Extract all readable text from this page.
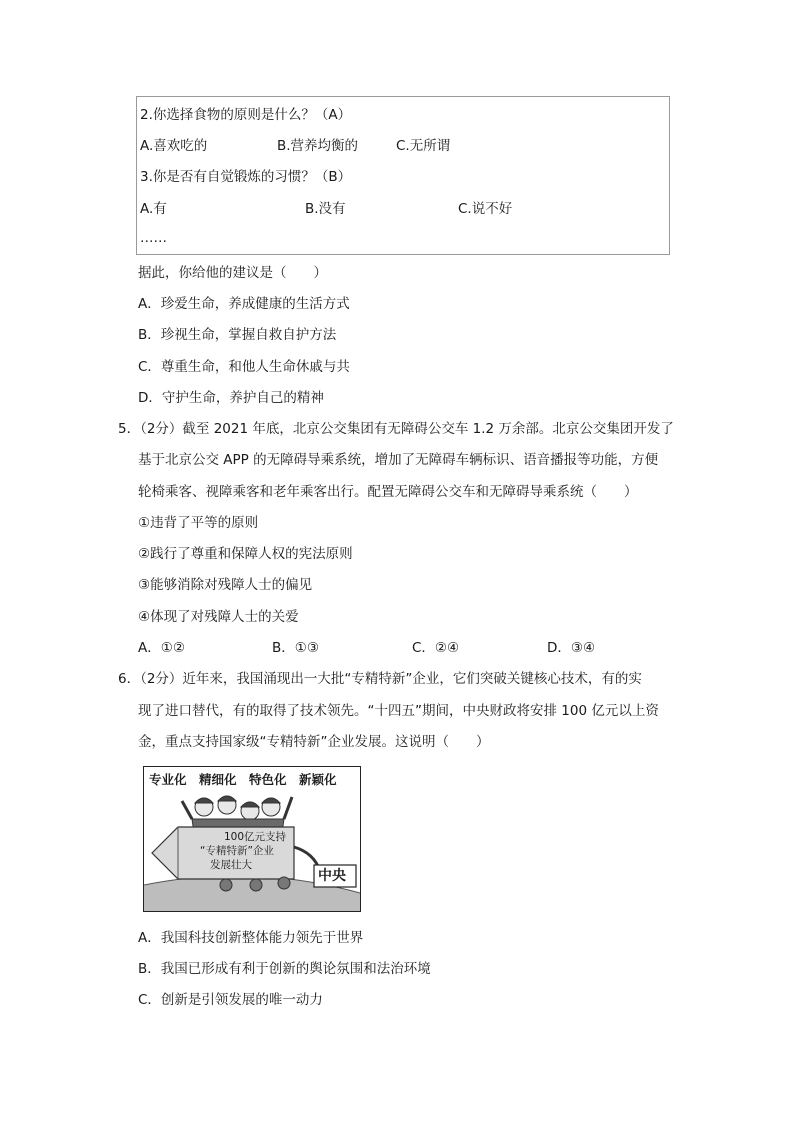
2.你选择食物的原则是什么？（A）
A.喜欢吃的	B.营养均衡的	C.无所谓
3.你是否有自觉锻炼的习惯？（B）
A.有	B.没有	C.说不好
……
据此，你给他的建议是（　　）
A．珍爱生命，养成健康的生活方式
B．珍视生命，掌握自救自护方法
C．尊重生命，和他人生命休戚与共
D．守护生命，养护自己的精神
5．（2分）截至 2021 年底，北京公交集团有无障碍公交车 1.2 万余部。北京公交集团开发了
基于北京公交 APP 的无障碍导乘系统，增加了无障碍车辆标识、语音播报等功能，方便
轮椅乘客、视障乘客和老年乘客出行。配置无障碍公交车和无障碍导乘系统（　　）
①违背了平等的原则
②践行了尊重和保障人权的宪法原则
③能够消除对残障人士的偏见
④体现了对残障人士的关爱
A．①②	B．①③	C．②④	D．③④
6．（2分）近年来，我国涌现出一大批“专精特新”企业，它们突破关键核心技术，有的实
现了进口替代，有的取得了技术领先。“十四五”期间，中央财政将安排 100 亿元以上资
金，重点支持国家级“专精特新”企业发展。这说明（　　）
专业化　精细化　特色化　新颖化
100亿元支持
“专精特新”企业
发展壮大
中央
A．我国科技创新整体能力领先于世界
B．我国已形成有利于创新的舆论氛围和法治环境
C．创新是引领发展的唯一动力
